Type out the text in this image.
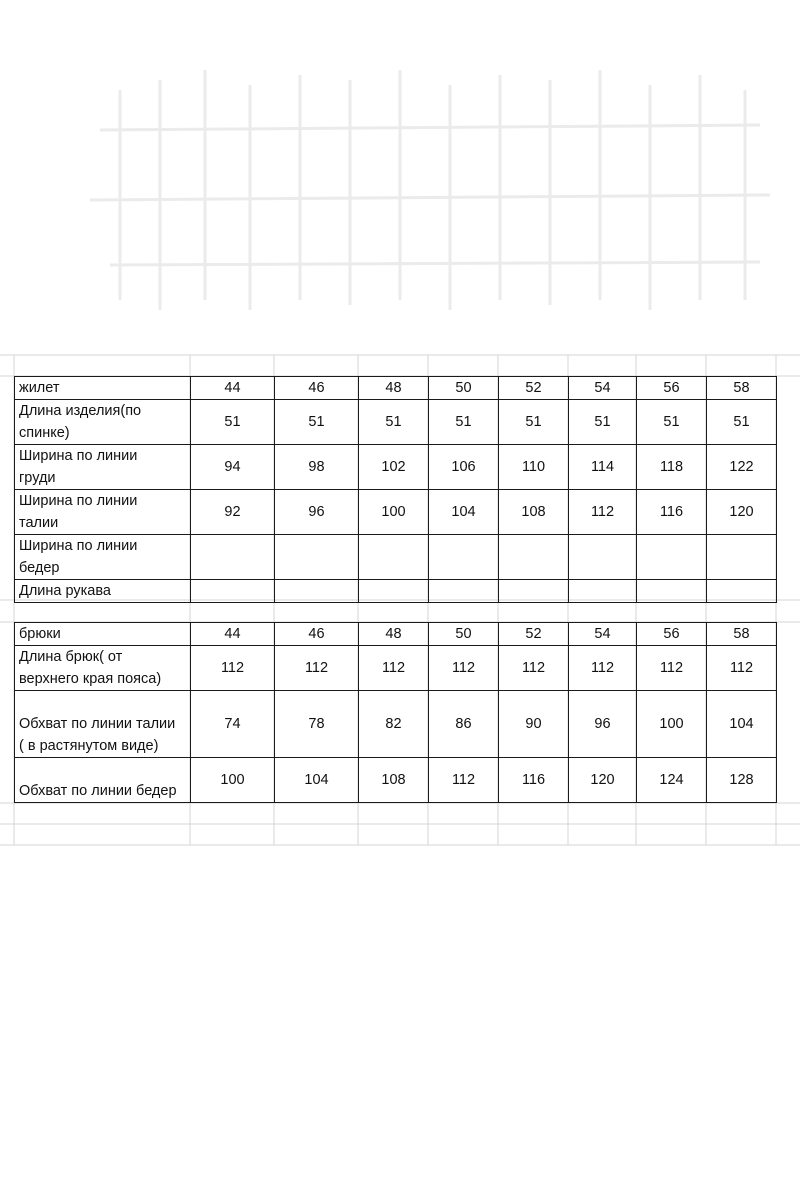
жилет	44	46	48	50	52	54	56	58

Длина изделия(по
спинке)	51	51	51	51	51	51	51	51

Ширина по линии
груди	94	98	102	106	110	114	118	122

Ширина по линии
талии	92	96	100	104	108	112	116	120

Ширина по линии
бедер								

Длина рукава								

брюки	44	46	48	50	52	54	56	58

Длина брюк( от
верхнего края пояса)	112	112	112	112	112	112	112	112

Обхват по линии талии
( в растянутом виде)	74	78	82	86	90	96	100	104

Обхват по линии бедер	100	104	108	112	116	120	124	128
